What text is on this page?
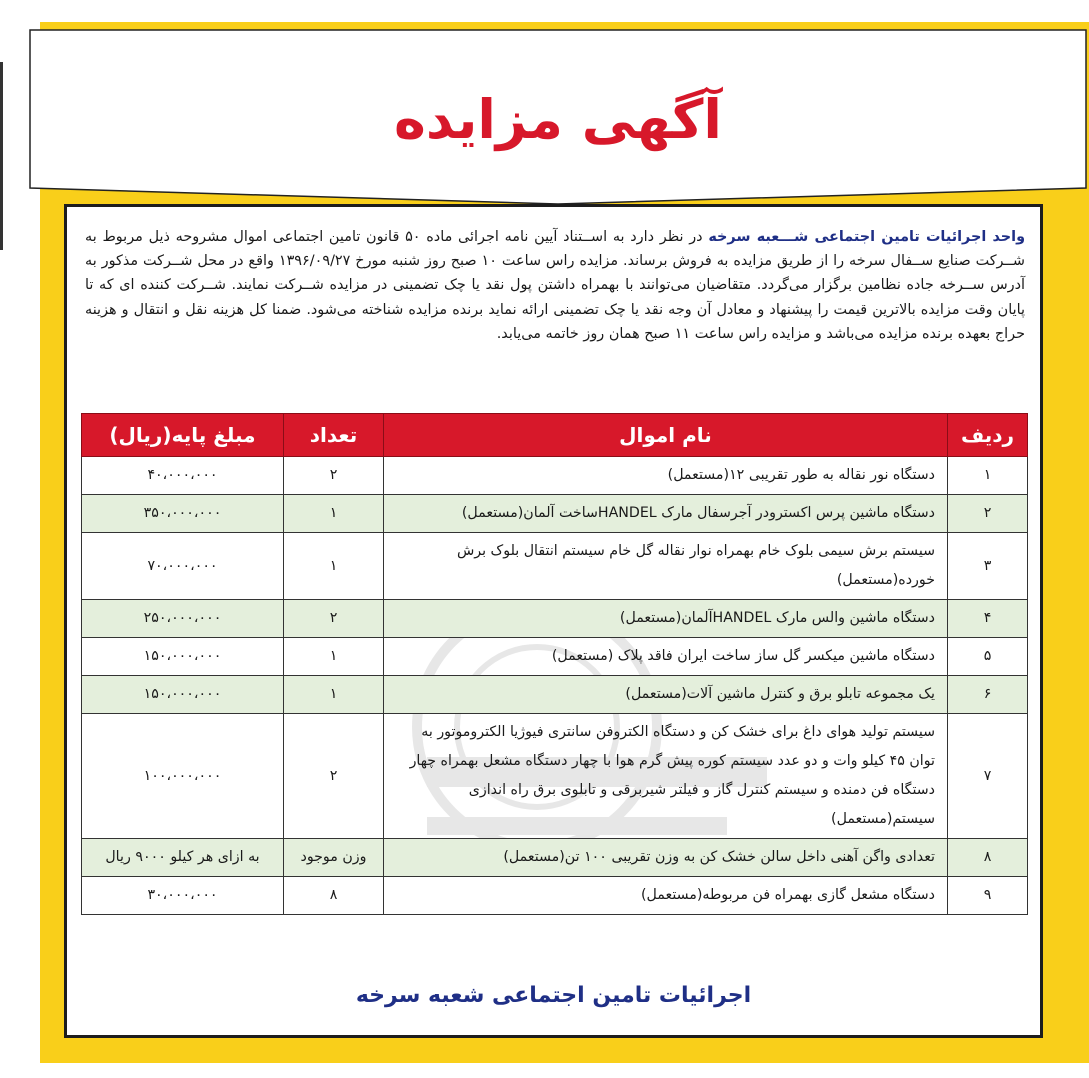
آگهی مزایده
واحد اجرائیات تامین اجتماعی شـــعبه سرخه در نظر دارد به اســتناد آیین نامه اجرائی ماده ۵۰ قانون تامین اجتماعی اموال مشروحه ذیل مربوط به شــرکت صنایع ســفال سرخه را از طریق مزایده به فروش برساند. مزایده راس ساعت ۱۰ صبح روز شنبه مورخ ۱۳۹۶/۰۹/۲۷ واقع در محل شــرکت مذکور به آدرس ســرخه جاده نظامین برگزار می‌گردد. متقاضیان می‌توانند با بهمراه داشتن پول نقد یا چک تضمینی در مزایده شــرکت نمایند. شــرکت کننده ای که تا پایان وقت مزایده بالاترین قیمت را پیشنهاد و معادل آن وجه نقد یا چک تضمینی ارائه نماید برنده مزایده شناخته می‌شود. ضمنا کل هزینه نقل و انتقال و هزینه حراج بعهده برنده مزایده می‌باشد و مزایده راس ساعت ۱۱ صبح همان روز خاتمه می‌یابد.
ردیف	نام اموال	تعداد	مبلغ پایه(ریال)
۱	دستگاه نور نقاله به طور تقریبی ۱۲(مستعمل)	۲	۴۰،۰۰۰،۰۰۰
۲	دستگاه ماشین پرس اکسترودر آجرسفال مارک HANDELساخت آلمان(مستعمل)	۱	۳۵۰،۰۰۰،۰۰۰
۳	سیستم برش سیمی بلوک خام بهمراه نوار نقاله گل خام سیستم انتقال بلوک برش خورده(مستعمل)	۱	۷۰،۰۰۰،۰۰۰
۴	دستگاه ماشین والس مارک HANDELآلمان(مستعمل)	۲	۲۵۰،۰۰۰،۰۰۰
۵	دستگاه ماشین میکسر گل ساز ساخت ایران فاقد پلاک (مستعمل)	۱	۱۵۰،۰۰۰،۰۰۰
۶	یک مجموعه تابلو برق و کنترل ماشین آلات(مستعمل)	۱	۱۵۰،۰۰۰،۰۰۰
۷	سیستم تولید هوای داغ برای خشک کن و دستگاه الکتروفن سانتری فیوژیا الکتروموتور به توان ۴۵ کیلو وات و دو عدد سیستم کوره پیش گرم هوا با چهار دستگاه مشعل بهمراه چهار دستگاه فن دمنده و سیستم کنترل گاز و فیلتر شیربرقی و تابلوی برق راه اندازی سیستم(مستعمل)	۲	۱۰۰،۰۰۰،۰۰۰
۸	تعدادی واگن آهنی داخل سالن خشک کن به وزن تقریبی ۱۰۰ تن(مستعمل)	وزن موجود	به ازای هر کیلو ۹۰۰۰ ریال
۹	دستگاه مشعل گازی بهمراه فن مربوطه(مستعمل)	۸	۳۰،۰۰۰،۰۰۰
اجرائیات تامین اجتماعی شعبه سرخه
